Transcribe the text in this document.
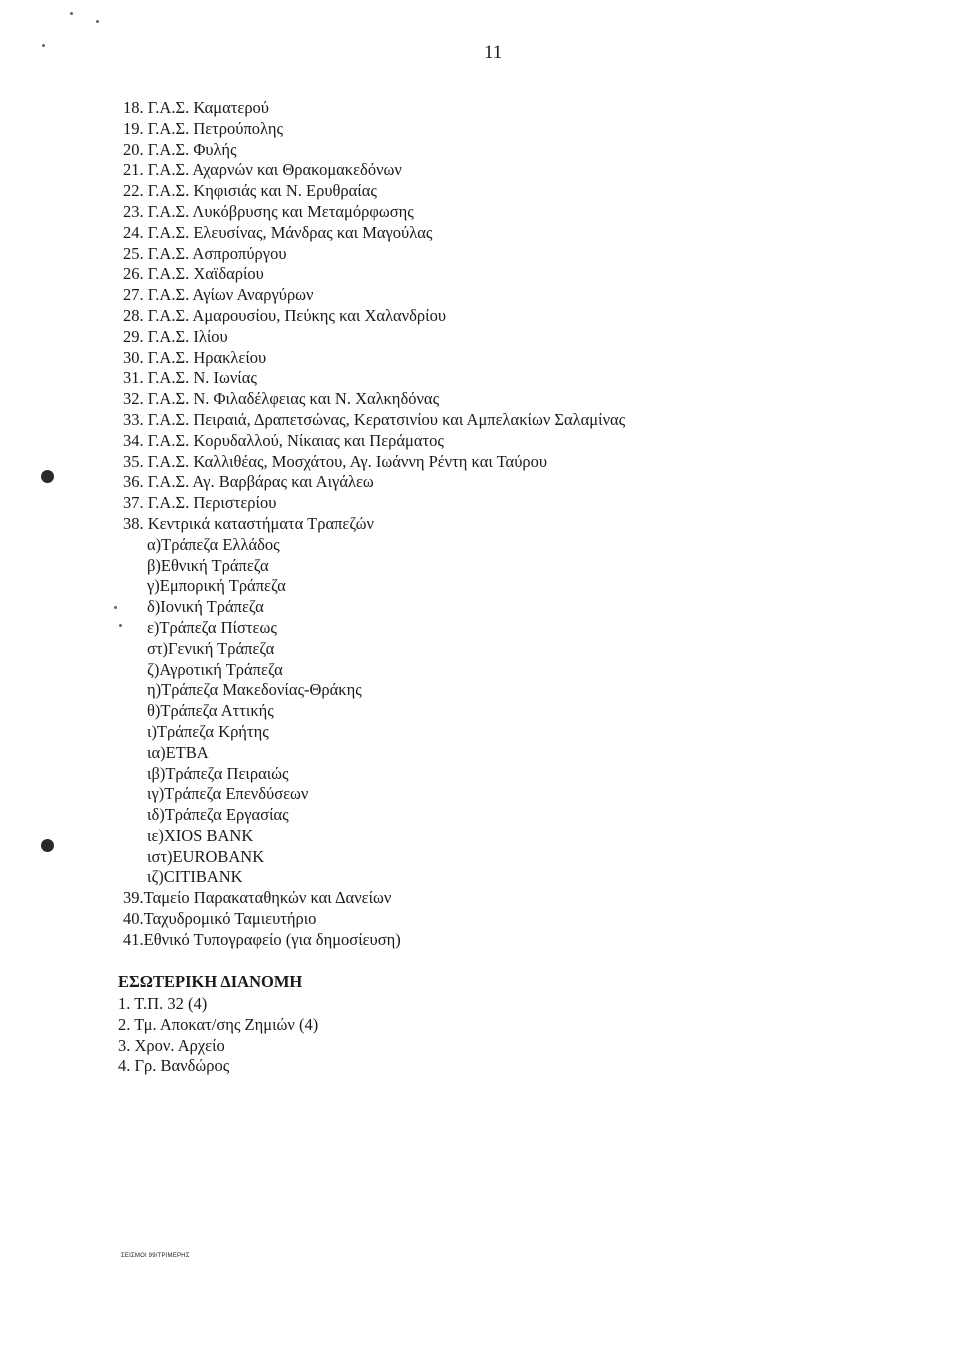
11
18. Γ.Α.Σ. Καματερού
19. Γ.Α.Σ. Πετρούπολης
20. Γ.Α.Σ. Φυλής
21. Γ.Α.Σ. Αχαρνών και Θρακομακεδόνων
22. Γ.Α.Σ. Κηφισιάς και Ν. Ερυθραίας
23. Γ.Α.Σ. Λυκόβρυσης και Μεταμόρφωσης
24. Γ.Α.Σ. Ελευσίνας, Μάνδρας και Μαγούλας
25. Γ.Α.Σ. Ασπροπύργου
26. Γ.Α.Σ. Χαϊδαρίου
27. Γ.Α.Σ. Αγίων Αναργύρων
28. Γ.Α.Σ. Αμαρουσίου, Πεύκης και Χαλανδρίου
29. Γ.Α.Σ. Ιλίου
30. Γ.Α.Σ. Ηρακλείου
31. Γ.Α.Σ. Ν. Ιωνίας
32. Γ.Α.Σ. Ν. Φιλαδέλφειας και Ν. Χαλκηδόνας
33. Γ.Α.Σ. Πειραιά, Δραπετσώνας, Κερατσινίου και Αμπελακίων Σαλαμίνας
34. Γ.Α.Σ. Κορυδαλλού, Νίκαιας και Περάματος
35. Γ.Α.Σ. Καλλιθέας, Μοσχάτου, Αγ. Ιωάννη Ρέντη και Ταύρου
36. Γ.Α.Σ. Αγ. Βαρβάρας και Αιγάλεω
37. Γ.Α.Σ. Περιστερίου
38. Κεντρικά καταστήματα Τραπεζών
α)Τράπεζα Ελλάδος
β)Εθνική Τράπεζα
γ)Εμπορική Τράπεζα
δ)Ιονική Τράπεζα
ε)Τράπεζα Πίστεως
στ)Γενική Τράπεζα
ζ)Αγροτική Τράπεζα
η)Τράπεζα Μακεδονίας-Θράκης
θ)Τράπεζα Αττικής
ι)Τράπεζα Κρήτης
ια)ΕΤΒΑ
ιβ)Τράπεζα Πειραιώς
ιγ)Τράπεζα Επενδύσεων
ιδ)Τράπεζα Εργασίας
ιε)XIOS BANK
ιστ)EUROBANK
ιζ)CITIBANK
39.Ταμείο Παρακαταθηκών και Δανείων
40.Ταχυδρομικό Ταμιευτήριο
41.Εθνικό Τυπογραφείο (για δημοσίευση)
ΕΣΩΤΕΡΙΚΗ ΔΙΑΝΟΜΗ
1. Τ.Π. 32 (4)
2. Τμ. Αποκατ/σης Ζημιών (4)
3. Χρον. Αρχείο
4. Γρ. Βανδώρος
ΣΕΙΣΜΟΙ 99/ΤΡΙΜΕΡΗΣ
